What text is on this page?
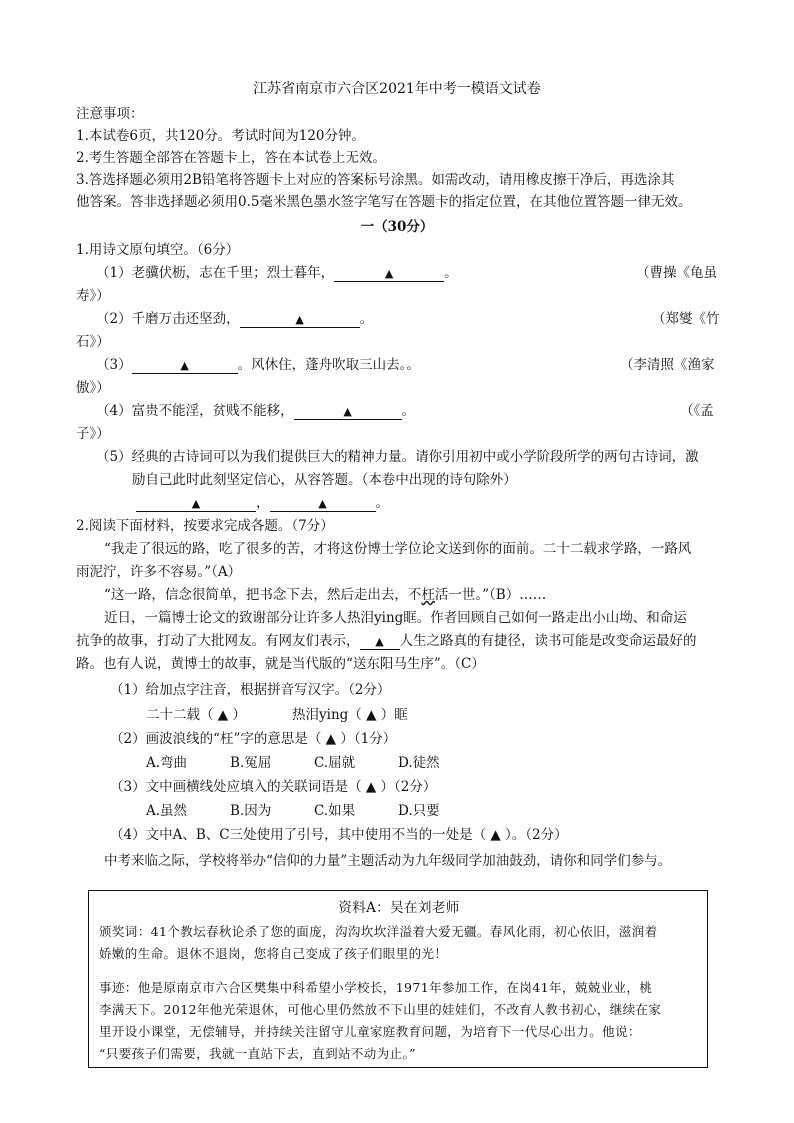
江苏省南京市六合区2021年中考一模语文试卷
注意事项：
1.本试卷6页，共120分。考试时间为120分钟。
2.考生答题全部答在答题卡上，答在本试卷上无效。
3.答选择题必须用2B铅笔将答题卡上对应的答案标号涂黑。如需改动，请用橡皮擦干净后，再选涂其
他答案。答非选择题必须用0.5毫米黑色墨水签字笔写在答题卡的指定位置，在其他位置答题一律无效。
一（30分）
1.用诗文原句填空。（6分）
（1）老骥伏枥，志在千里；烈士暮年，	▲	。	（曹操《龟虽
寿》）
（2）千磨万击还坚劲，	▲	。	（郑燮《竹
石》）
（3）	▲	。风休住，蓬舟吹取三山去。。	（李清照《渔家
傲》）
（4）富贵不能淫，贫贱不能移，	▲	。	（《孟
子》）
（5）经典的古诗词可以为我们提供巨大的精神力量。请你引用初中或小学阶段所学的两句古诗词，激
励自己此时此刻坚定信心，从容答题。（本卷中出现的诗句除外）
▲	，	▲	。
2.阅读下面材料，按要求完成各题。（7分）
“我走了很远的路，吃了很多的苦，才将这份博士学位论文送到你的面前。二十二载求学路，一路风
雨泥泞，许多不容易。”（A）
“这一路，信念很简单，把书念下去，然后走出去，不枉活一世。”（B）……
近日，一篇博士论文的致谢部分让许多人热泪ying眶。作者回顾自己如何一路走出小山坳、和命运
抗争的故事，打动了大批网友。有网友们表示， ▲ 人生之路真的有捷径，读书可能是改变命运最好的
路。也有人说，黄博士的故事，就是当代版的“送东阳马生序”。（C）
（1）给加点字注音，根据拼音写汉字。（2分）
二十二载（ ▲ ）	热泪ying（ ▲ ）眶
（2）画波浪线的“枉”字的意思是（ ▲ ）（1分）
A.弯曲	B.冤屈	C.屈就	D.徒然
（3）文中画横线处应填入的关联词语是（ ▲ ）（2分）
A.虽然	B.因为	C.如果	D.只要
（4）文中A、B、C三处使用了引号，其中使用不当的一处是（ ▲ ）。（2分）
中考来临之际，学校将举办“信仰的力量”主题活动为九年级同学加油鼓劲，请你和同学们参与。
资料A：吴在刘老师
颁奖词：41个教坛春秋论杀了您的面庞，沟沟坎坎洋溢着大爱无疆。春风化雨，初心依旧，滋润着
娇嫩的生命。退休不退岗，您将自己变成了孩子们眼里的光！
事迹：他是原南京市六合区樊集中科希望小学校长，1971年参加工作，在岗41年，兢兢业业，桃
李满天下。2012年他光荣退休，可他心里仍然放不下山里的娃娃们，不改育人教书初心，继续在家
里开设小课堂，无偿辅导，并持续关注留守儿童家庭教育问题，为培育下一代尽心出力。他说：
“只要孩子们需要，我就一直站下去，直到站不动为止。”
